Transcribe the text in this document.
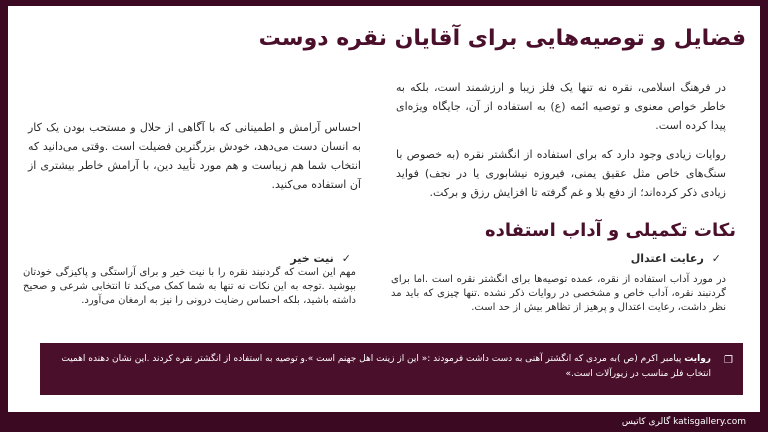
فضایل و توصیه‌هایی برای آقایان نقره دوست

در فرهنگ اسلامی، نقره نه تنها یک فلز زیبا و ارزشمند است، بلکه به خاطر خواص معنوی و توصیه ائمه (ع) به استفاده از آن، جایگاه ویژه‌ای پیدا کرده است.

روایات زیادی وجود دارد که برای استفاده از انگشتر نقره (به خصوص با سنگ‌های خاص مثل عقیق یمنی، فیروزه نیشابوری یا در نجف) فواید زیادی ذکر کرده‌اند؛ از دفع بلا و غم گرفته تا افزایش رزق و برکت.

احساس آرامش و اطمینانی که با آگاهی از حلال و مستحب بودن یک کار به انسان دست می‌دهد، خودش بزرگترین فضیلت است .وقتی می‌دانید که انتخاب شما هم زیباست و هم مورد تأیید دین، با آرامش خاطر بیشتری از آن استفاده می‌کنید.

نکات تکمیلی و آداب استفاده
✓رعایت اعتدال

در مورد آداب استفاده از نقره، عمده توصیه‌ها برای انگشتر نقره است .اما برای گردنبند نقره، آداب خاص و مشخصی در روایات ذکر نشده .تنها چیزی که باید مد نظر داشت، رعایت اعتدال و پرهیز از تظاهر بیش از حد است.

✓نیت خیر

مهم این است که گردنبند نقره را با نیت خیر و برای آراستگی و پاکیزگی خودتان بپوشید .توجه به این نکات نه تنها به شما کمک می‌کند تا انتخابی شرعی و صحیح داشته باشید، بلکه احساس رضایت درونی را نیز به ارمغان می‌آورد.

❐
روایت پیامبر اکرم (ص )به مردی که انگشتر آهنی به دست داشت فرمودند :« این از زینت اهل جهنم است ».و توصیه به استفاده از انگشتر نقره کردند .این نشان دهنده اهمیت انتخاب فلز مناسب در زیورآلات است.»
گالری کاتیس katisgallery.com
